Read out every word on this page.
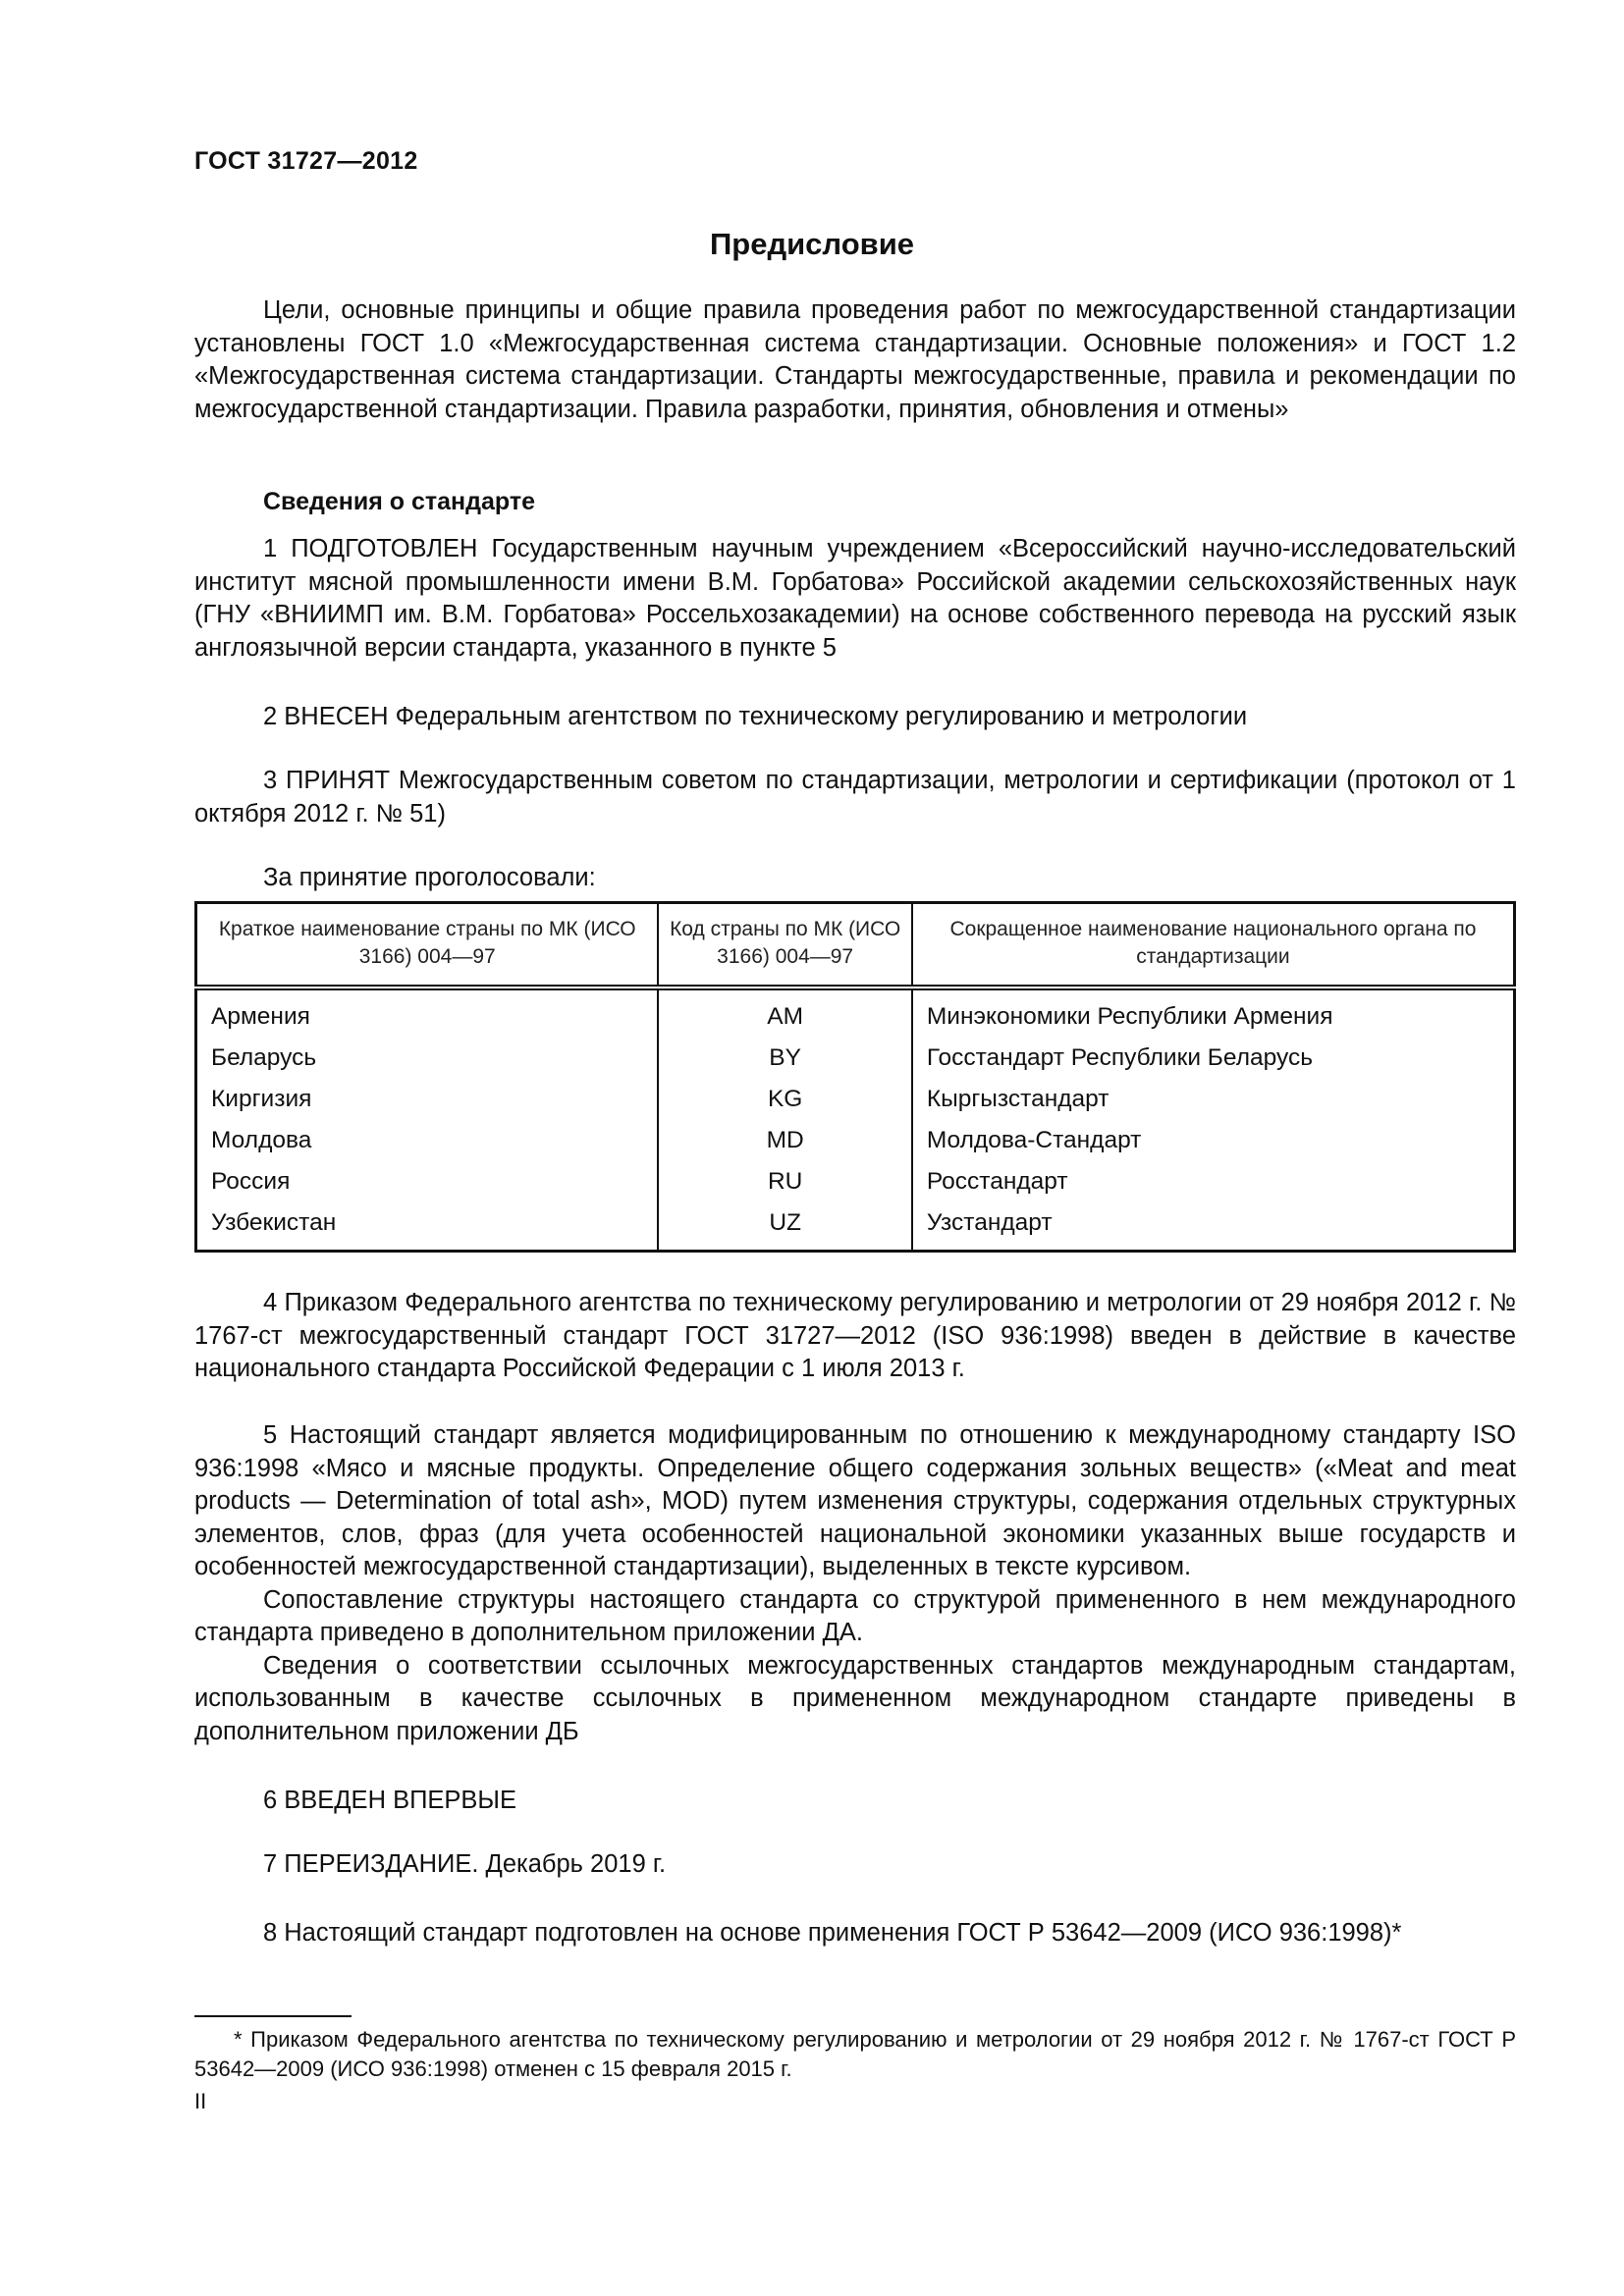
ГОСТ 31727—2012
Предисловие

Цели, основные принципы и общие правила проведения работ по межгосударственной стандартизации установлены ГОСТ 1.0 «Межгосударственная система стандартизации. Основные положения» и ГОСТ 1.2 «Межгосударственная система стандартизации. Стандарты межгосударственные, правила и рекомендации по межгосударственной стандартизации. Правила разработки, принятия, обновления и отмены»

Сведения о стандарте

1 ПОДГОТОВЛЕН Государственным научным учреждением «Всероссийский научно-исследовательский институт мясной промышленности имени В.М. Горбатова» Российской академии сельскохозяйственных наук (ГНУ «ВНИИМП им. В.М. Горбатова» Россельхозакадемии) на основе собственного перевода на русский язык англоязычной версии стандарта, указанного в пункте 5

2 ВНЕСЕН Федеральным агентством по техническому регулированию и метрологии

3 ПРИНЯТ Межгосударственным советом по стандартизации, метрологии и сертификации (протокол от 1 октября 2012 г. № 51)

За принятие проголосовали:
Краткое наименование страны по МК (ИСО 3166) 004—97	Код страны по МК (ИСО 3166) 004—97	Сокращенное наименование национального органа по стандартизации
Армения	AM	Минэкономики Республики Армения
Беларусь	BY	Госстандарт Республики Беларусь
Киргизия	KG	Кыргызстандарт
Молдова	MD	Молдова-Стандарт
Россия	RU	Росстандарт
Узбекистан	UZ	Узстандарт

4 Приказом Федерального агентства по техническому регулированию и метрологии от 29 ноября 2012 г. № 1767-ст межгосударственный стандарт ГОСТ 31727—2012 (ISO 936:1998) введен в действие в качестве национального стандарта Российской Федерации с 1 июля 2013 г.

5 Настоящий стандарт является модифицированным по отношению к международному стандарту ISO 936:1998 «Мясо и мясные продукты. Определение общего содержания зольных веществ» («Meat and meat products — Determination of total ash», MOD) путем изменения структуры, содержания отдельных структурных элементов, слов, фраз (для учета особенностей национальной экономики указанных выше государств и особенностей межгосударственной стандартизации), выделенных в тексте курсивом.

Сопоставление структуры настоящего стандарта со структурой примененного в нем международного стандарта приведено в дополнительном приложении ДА.

Сведения о соответствии ссылочных межгосударственных стандартов международным стандартам, использованным в качестве ссылочных в примененном международном стандарте приведены в дополнительном приложении ДБ

6 ВВЕДЕН ВПЕРВЫЕ
7 ПЕРЕИЗДАНИЕ. Декабрь 2019 г.
8 Настоящий стандарт подготовлен на основе применения ГОСТ Р 53642—2009 (ИСО 936:1998)*

* Приказом Федерального агентства по техническому регулированию и метрологии от 29 ноября 2012 г. № 1767-ст ГОСТ Р 53642—2009 (ИСО 936:1998) отменен с 15 февраля 2015 г.

II
